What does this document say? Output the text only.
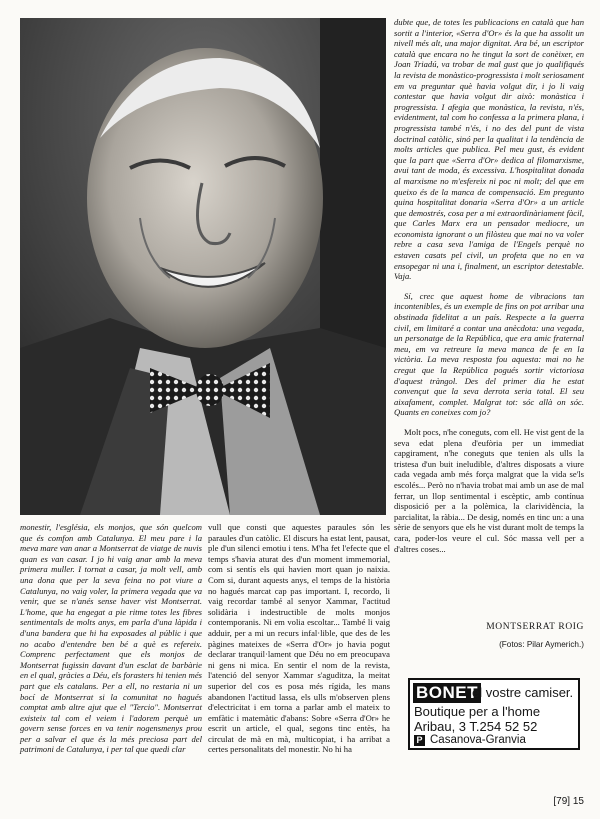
dubte que, de totes les publicacions en català que han sortit a l'interior, «Serra d'Or» és la que ha assolit un nivell més alt, una major dignitat. Ara bé, un escriptor català que encara no he tingut la sort de conèixer, en Joan Triadú, va trobar de mal gust que jo qualifiqués la revista de monàstico-progressista i molt seriosament em va preguntar què havia volgut dir, i jo li vaig contestar que havia volgut dir això: monàstica i progressista. I afegia que monàstica, la revista, n'és, evidentment, tal com ho confessa a la primera plana, i progressista també n'és, i no des del punt de vista doctrinal catòlic, sinó per la qualitat i la tendència de molts articles que publica. Pel meu gust, és evident que la part que «Serra d'Or» dedica al filomarxisme, avui tant de moda, és excessiva. L'hospitalitat donada al marxisme no m'esfereix ni poc ni molt; del que em queixo és de la manca de compensació. Em pregunto quina hospitalitat donaria «Serra d'Or» a un article que demostrés, cosa per a mi extraordinàriament fàcil, que Carles Marx era un pensador mediocre, un economista ignorant o un filòsteu que mai no va voler rebre a casa seva l'amiga de l'Engels perquè no estaven casats pel civil, un profeta que no en va ensopegar ni una i, finalment, un escriptor detestable. Vaja.

Sí, crec que aquest home de vibracions tan incontenibles, és un exemple de fins on pot arribar una obstinada fidelitat a un país. Respecte a la guerra civil, em limitaré a contar una anècdota: una vegada, un personatge de la República, que era amic fraternal meu, em va retreure la meva manca de fe en la victòria. La meva resposta fou aquesta: mai no he cregut que la República pogués sortir victoriosa d'aquest tràngol. Des del primer dia he estat convençut que la seva derrota seria total. El seu aixafament, complet. Malgrat tot: sóc allà on sóc. Quants en coneixes com jo?

Molt pocs, n'he coneguts, com ell. He vist gent de la seva edat plena d'eufòria per un immediat capgirament, n'he coneguts que tenien als ulls la tristesa d'un buit ineludible, d'altres disposats a viure cada vegada amb més força malgrat que la vida se'ls escolés... Però no n'havia trobat mai amb un ase de mal ferrar, un llop sentimental i escèptic, amb contínua disposició per a la polèmica, la clarividència, la parcialitat, la ràbia... De desig, només en tinc un: a una sèrie de senyors que els he vist durant molt de temps la cara, poder-los veure el cul. Sóc massa vell per a d'altres coses...

MONTSERRAT ROIG
(Fotos: Pilar Aymerich.)

monestir, l'església, els monjos, que són quelcom que és comfon amb Catalunya. El meu pare i la meva mare van anar a Montserrat de viatge de nuvis quan es van casar. I jo hi vaig anar amb la meva primera muller. I tornat a casar, ja molt vell, amb una dona que per la seva feina no pot viure a Catalunya, no vaig voler, la primera vegada que va venir, que se n'anés sense haver vist Montserrat. L'home, que ha engegat a pie ritme totes les fibres sentimentals de molts anys, em parla d'una làpida i d'una bandera que hi ha exposades al públic i que no acabo d'entendre ben bé a què es refereix. Comprenc perfectament que els monjos de Montserrat fugissin davant d'un esclat de barbàrie en el qual, gràcies a Déu, els forasters hi tenien més part que els catalans. Per a ell, no restaria ni un bocí de Montserrat si la comunitat no hagués comptat amb altre ajut que el "Tercio". Montserrat existeix tal com el veiem i l'adorem perquè un govern sense forces en va tenir nogensmenys prou per a salvar el que és la més preciosa part del patrimoni de Catalunya, i per tal que quedi clar

vull que consti que aquestes paraules són les paraules d'un catòlic. El discurs ha estat lent, pausat, ple d'un silenci emotiu i tens. M'ha fet l'efecte que el temps s'havia aturat des d'un moment immemorial, com si sentís els qui havien mort quan jo naixia. Com si, durant aquests anys, el temps de la història no hagués marcat cap pas important. I, recordo, li vaig recordar també al senyor Xammar, l'actitud solidària i indestructible de molts monjos contemporanis. Ni em volia escoltar... També li vaig adduir, per a mi un recurs infal·lible, que des de les pàgines mateixes de «Serra d'Or» jo havia pogut declarar tranquil·lament que Déu no em preocupava ni gens ni mica. En sentir el nom de la revista, l'atenció del senyor Xammar s'aguditza, la meitat superior del cos es posa més rígida, les mans abandonen l'actitud lassa, els ulls m'observen plens d'electricitat i em torna a parlar amb el mateix to emfàtic i matemàtic d'abans: Sobre «Serra d'Or» he escrit un article, el qual, segons tinc entès, ha circulat de mà en mà, multicopiat, i ha arribat a certes personalitats del monestir. No hi ha

BONET
el vostre camiser.
Boutique per a l'home
Aribau, 3 T.254 52 52
P Casanova-Granvia
[79] 15
